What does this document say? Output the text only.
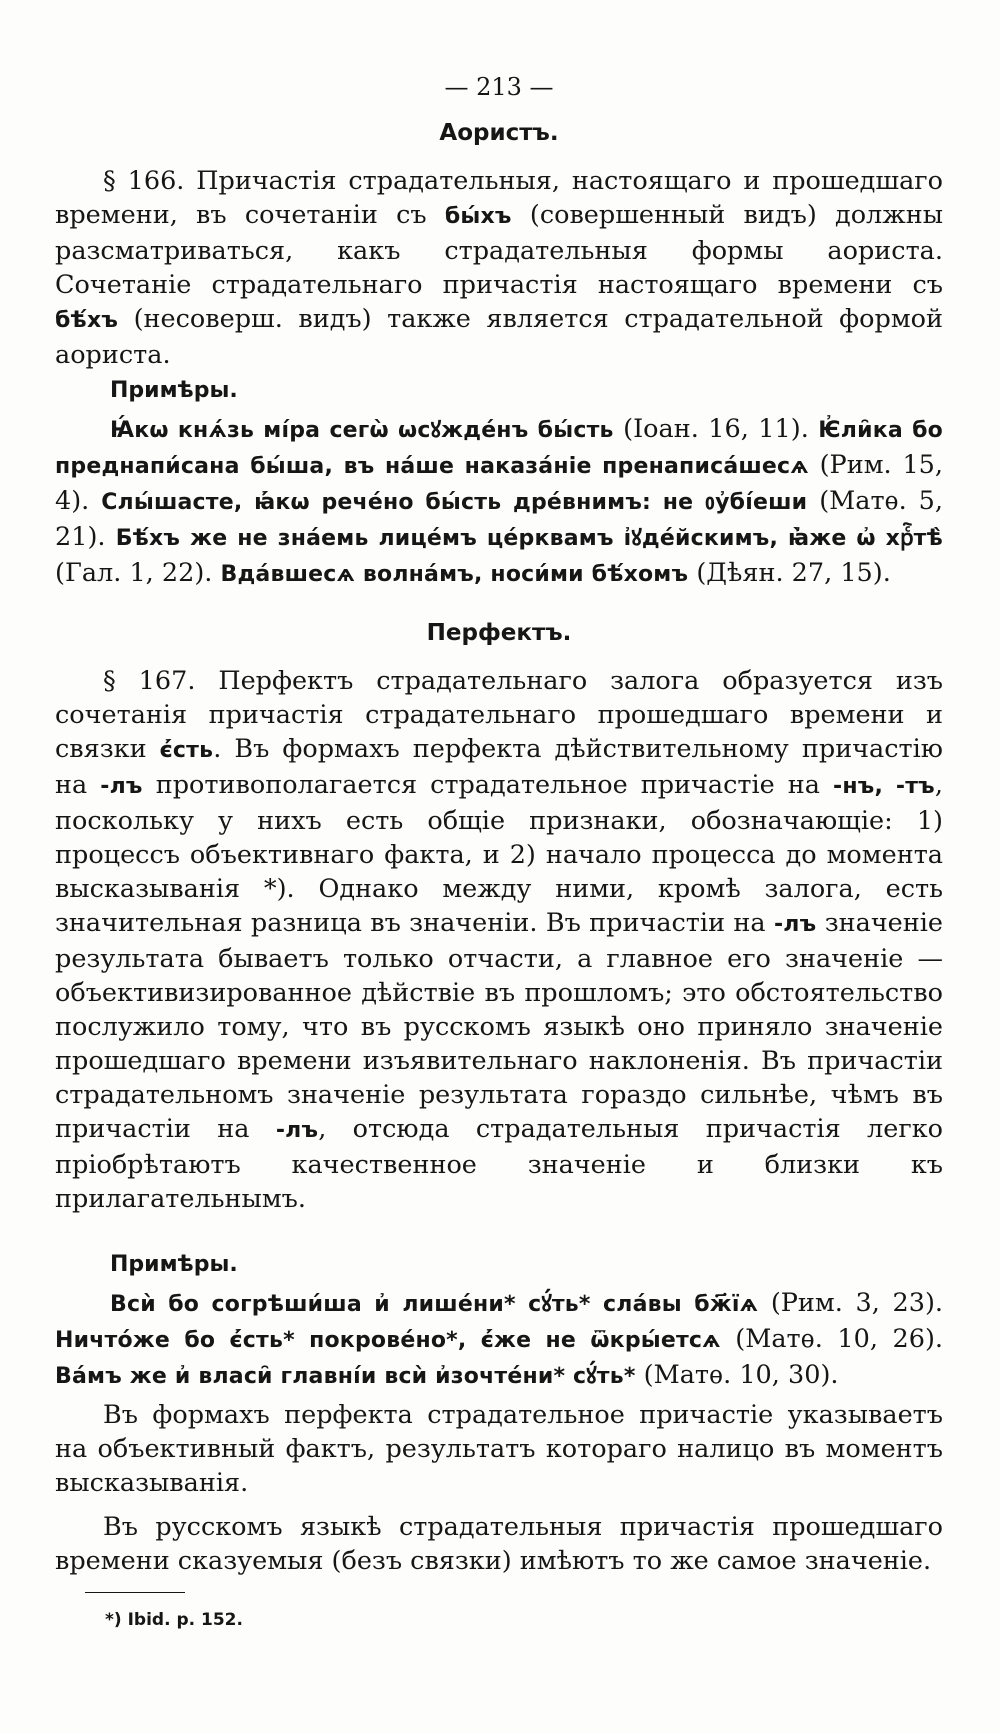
— 213 —
Аористъ.

§ 166. Причастія страдательныя, настоящаго и прошедшаго времени, въ сочетаніи съ бы́хъ (совершенный видъ) должны разсматриваться, какъ страдательныя формы аориста. Сочетаніе страдательнаго причастія настоящаго времени съ бѣ́хъ (несоверш. видъ) также является страдательной формой аориста.

Примѣры.

Ꙗ́кѡ кнѧ́зь мі́ра сегѡ̀ ѡсꙋжде́нъ бы́сть (Іоан. 16, 11). Ѥ҆ли̑ка бо преднапи́сана бы́ша, въ на́ше наказа́ніе пренаписа́шесѧ (Рим. 15, 4). Слы́шасте, ꙗ҆́кѡ рече́но бы́сть дре́внимъ: не ᲂу҆бі́еши (Матѳ. 5, 21). Бѣ́хъ же не зна́емь лице́мъ це́рквамъ і҆ꙋде́йскимъ, ꙗ҆̀же ѡ҆ хрⷭ҇тѣ̀ (Гал. 1, 22). Вда́вшесѧ волна́мъ, носи́ми бѣ́хомъ (Дѣян. 27, 15).

Перфектъ.

§ 167. Перфектъ страдательнаго залога образуется изъ сочетанія причастія страдательнаго прошедшаго времени и связки є҆́сть. Въ формахъ перфекта дѣйствительному причастію на -лъ противополагается страдательное причастіе на -нъ, -тъ, поскольку у нихъ есть общіе признаки, обозначающіе: 1) процессъ объективнаго факта, и 2) начало процесса до момента высказыванія *). Однако между ними, кромѣ залога, есть значительная разница въ значеніи. Въ причастіи на -лъ значеніе результата бываетъ только отчасти, а главное его значеніе — объективизированное дѣйствіе въ прошломъ; это обстоятельство послужило тому, что въ русскомъ языкѣ оно приняло значеніе прошедшаго времени изъявительнаго наклоненія. Въ причастіи страдательномъ значеніе результата гораздо сильнѣе, чѣмъ въ причастіи на -лъ, отсюда страдательныя причастія легко пріобрѣтаютъ качественное значеніе и близки къ прилагательнымъ.

Примѣры.

Всѝ бо согрѣши́ша и҆ лише́ни* сꙋ́ть* сла́вы бж҃їѧ (Рим. 3, 23). Ничто́же бо є҆́сть* покрове́но*, є҆́же не ѿкры́етсѧ (Матѳ. 10, 26). Ва́мъ же и҆ власи̑ главні́и всѝ и҆зочте́ни* сꙋ́ть* (Матѳ. 10, 30).

Въ формахъ перфекта страдательное причастіе указываетъ на объективный фактъ, результатъ котораго налицо въ моментъ высказыванія.

Въ русскомъ языкѣ страдательныя причастія прошедшаго времени сказуемыя (безъ связки) имѣютъ то же самое значеніе.

*) Ibid. p. 152.
